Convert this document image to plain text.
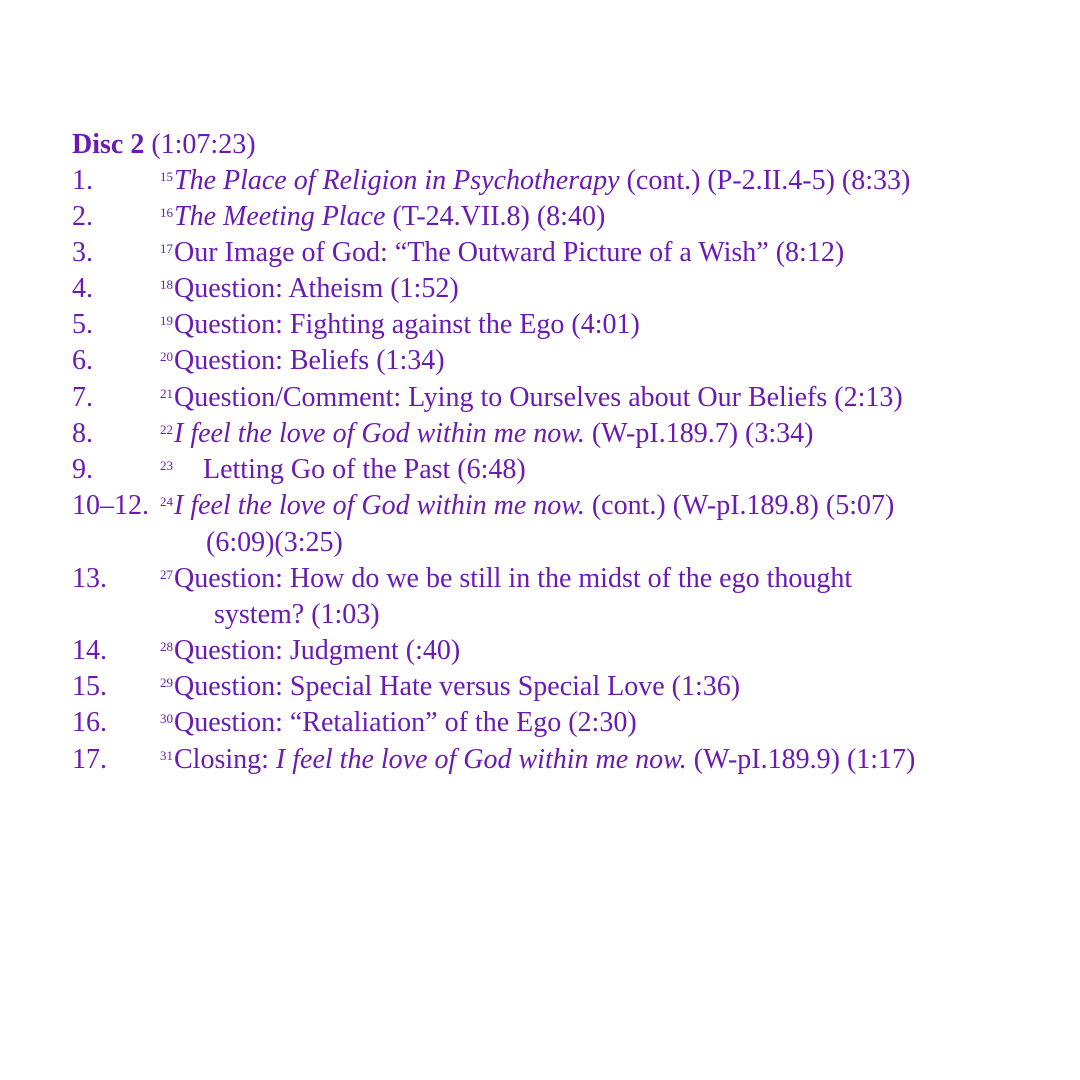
Disc 2 (1:07:23)
1.	$^{15}$The Place of Religion in Psychotherapy (cont.) (P-2.II.4-5) (8:33)
2.	$^{16}$The Meeting Place (T-24.VII.8) (8:40)
3.	$^{17}$Our Image of God: “The Outward Picture of a Wish” (8:12)
4.	$^{18}$Question: Atheism (1:52)
5.	$^{19}$Question: Fighting against the Ego (4:01)
6.	$^{20}$Question: Beliefs (1:34)
7.	$^{21}$Question/Comment: Lying to Ourselves about Our Beliefs (2:13)
8.	$^{22}$I feel the love of God within me now. (W-pI.189.7) (3:34)
9.	$^{23}$ Letting Go of the Past (6:48)
10–12. $^{24}$I feel the love of God within me now. (cont.) (W-pI.189.8) (5:07)
(6:09)(3:25)
13.	$^{27}$Question: How do we be still in the midst of the ego thought
system? (1:03)
14.	$^{28}$Question: Judgment (:40)
15.	$^{29}$Question: Special Hate versus Special Love (1:36)
16.	$^{30}$Question: “Retaliation” of the Ego (2:30)
17.	$^{31}$Closing: I feel the love of God within me now. (W-pI.189.9) (1:17)
